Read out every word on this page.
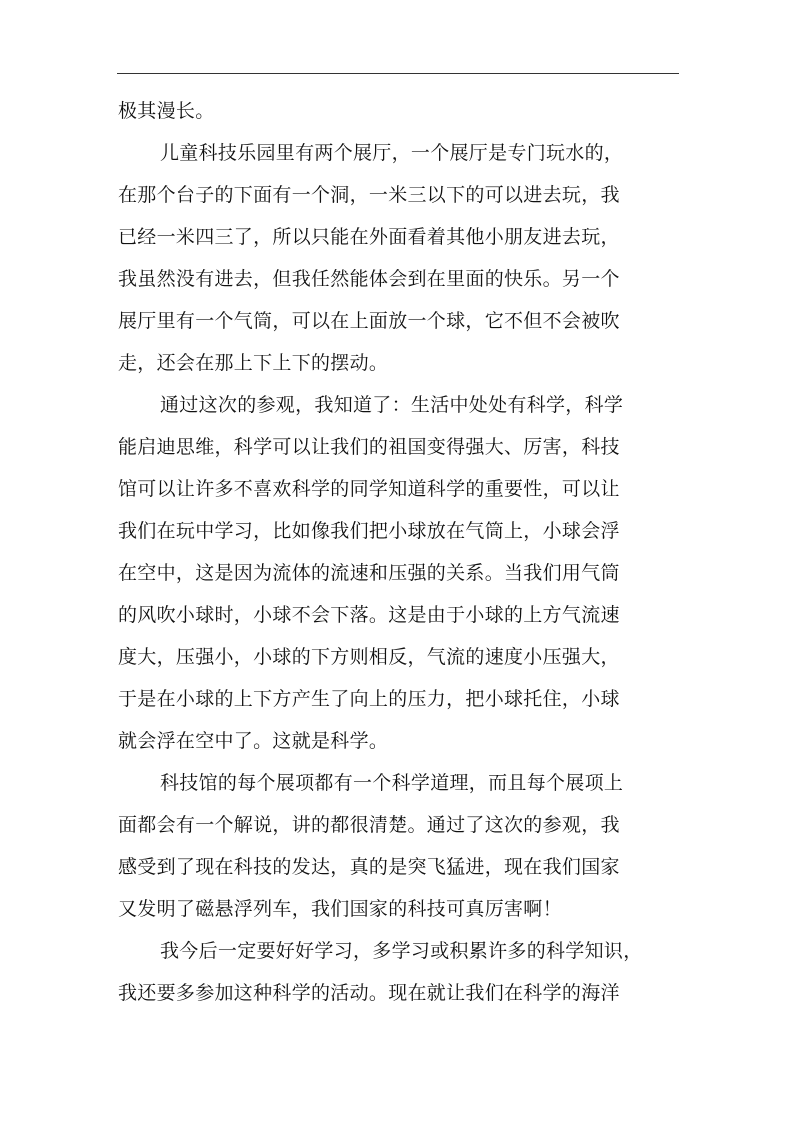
极其漫长。
儿童科技乐园里有两个展厅，一个展厅是专门玩水的，
在那个台子的下面有一个洞，一米三以下的可以进去玩，我
已经一米四三了，所以只能在外面看着其他小朋友进去玩，
我虽然没有进去，但我任然能体会到在里面的快乐。另一个
展厅里有一个气筒，可以在上面放一个球，它不但不会被吹
走，还会在那上下上下的摆动。
通过这次的参观，我知道了：生活中处处有科学，科学
能启迪思维，科学可以让我们的祖国变得强大、厉害，科技
馆可以让许多不喜欢科学的同学知道科学的重要性，可以让
我们在玩中学习，比如像我们把小球放在气筒上，小球会浮
在空中，这是因为流体的流速和压强的关系。当我们用气筒
的风吹小球时，小球不会下落。这是由于小球的上方气流速
度大，压强小，小球的下方则相反，气流的速度小压强大，
于是在小球的上下方产生了向上的压力，把小球托住，小球
就会浮在空中了。这就是科学。
科技馆的每个展项都有一个科学道理，而且每个展项上
面都会有一个解说，讲的都很清楚。通过了这次的参观，我
感受到了现在科技的发达，真的是突飞猛进，现在我们国家
又发明了磁悬浮列车，我们国家的科技可真厉害啊！
我今后一定要好好学习，多学习或积累许多的科学知识，
我还要多参加这种科学的活动。现在就让我们在科学的海洋
